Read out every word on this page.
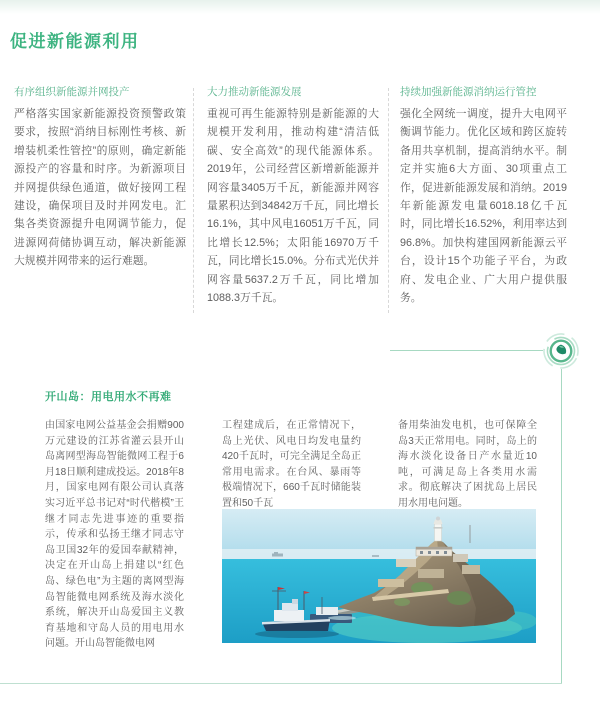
促进新能源利用
有序组织新能源并网投产

严格落实国家新能源投资预警政策要求，按照“消纳目标刚性考核、新增装机柔性管控”的原则，确定新能源投产的容量和时序。为新源项目并网提供绿色通道，做好接网工程建设，确保项目及时并网发电。汇集各类资源提升电网调节能力，促进源网荷储协调互动，解决新能源大规模并网带来的运行难题。

大力推动新能源发展

重视可再生能源特别是新能源的大规模开发利用，推动构建“清洁低碳、安全高效”的现代能源体系。2019年，公司经营区新增新能源并网容量3405万千瓦，新能源并网容量累积达到34842万千瓦，同比增长16.1%，其中风电16051万千瓦，同比增长12.5%；太阳能16970万千瓦，同比增长15.0%。分布式光伏并网容量5637.2万千瓦，同比增加1088.3万千瓦。

持续加强新能源消纳运行管控

强化全网统一调度，提升大电网平衡调节能力。优化区域和跨区旋转备用共享机制，提高消纳水平。制定并实施6大方面、30项重点工作，促进新能源发展和消纳。2019年新能源发电量6018.18亿千瓦时，同比增长16.52%，利用率达到96.8%。加快构建国网新能源云平台，设计15个功能子平台，为政府、发电企业、广大用户提供服务。

开山岛：用电用水不再难

由国家电网公益基金会捐赠900万元建设的江苏省灌云县开山岛离网型海岛智能微网工程于6月18日顺利建成投运。2018年8月，国家电网有限公司认真落实习近平总书记对“时代楷模”王继才同志先进事迹的重要指示，传承和弘扬王继才同志守岛卫国32年的爱国奉献精神，决定在开山岛上捐建以“红色岛、绿色电”为主题的离网型海岛智能微电网系统及海水淡化系统，解决开山岛爱国主义教育基地和守岛人员的用电用水问题。开山岛智能微电网

工程建成后，在正常情况下，岛上光伏、风电日均发电量约420千瓦时，可完全满足全岛正常用电需求。在台风、暴雨等极端情况下，660千瓦时储能装置和50千瓦

备用柴油发电机，也可保障全岛3天正常用电。同时，岛上的海水淡化设备日产水量近10吨，可满足岛上各类用水需求。彻底解决了困扰岛上居民用水用电问题。
